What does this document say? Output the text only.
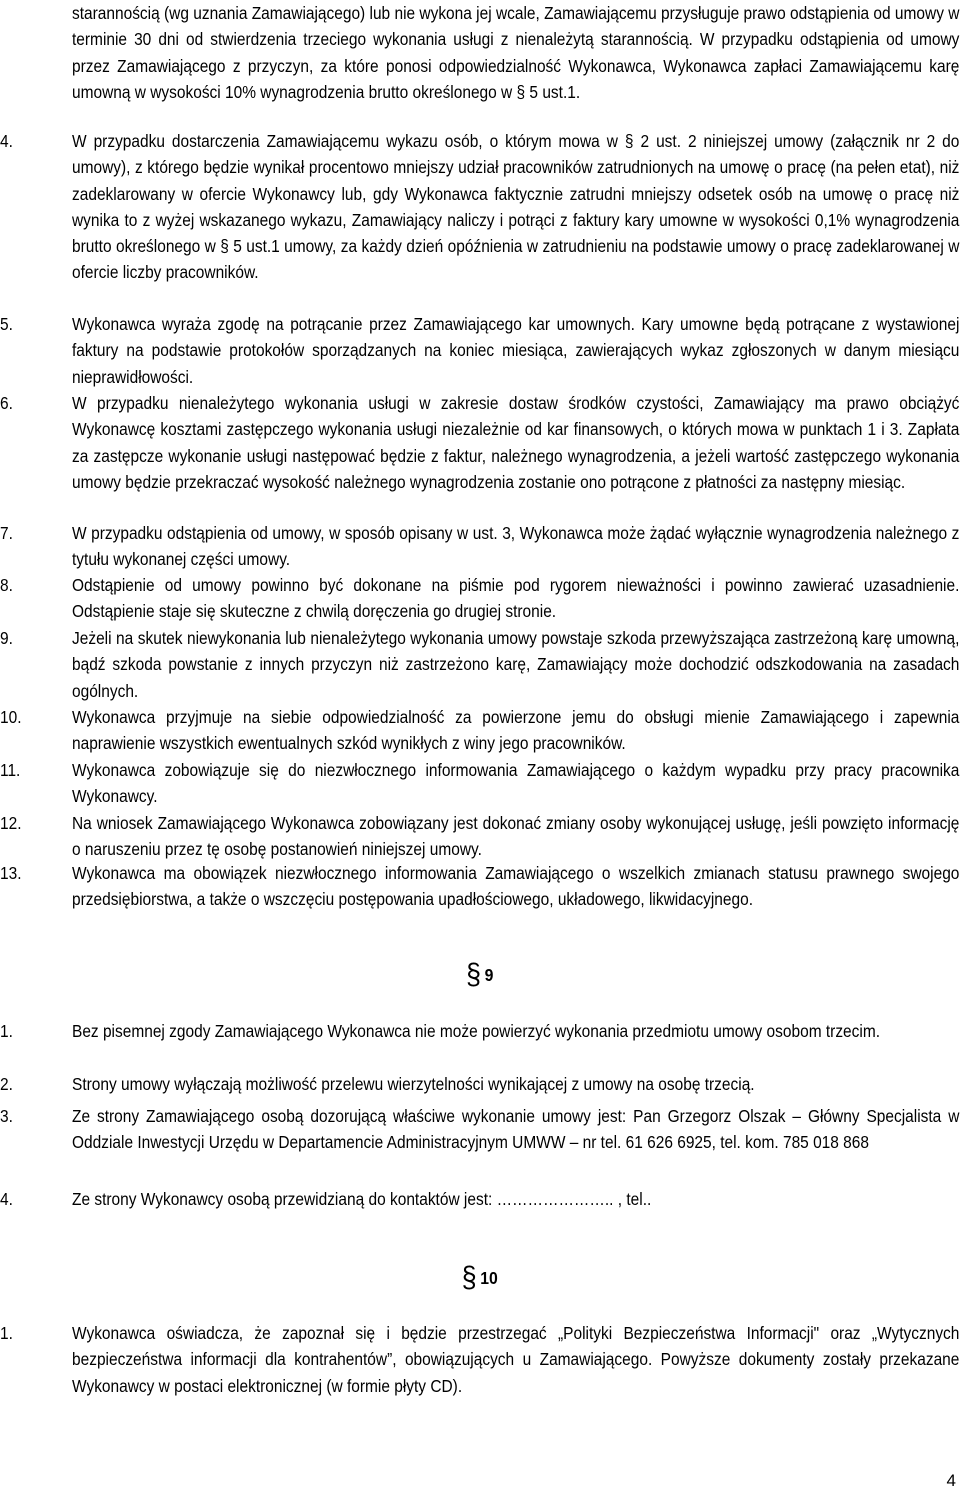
starannością (wg uznania Zamawiającego) lub nie wykona jej wcale, Zamawiającemu przysługuje prawo odstąpienia od umowy w terminie 30 dni od stwierdzenia trzeciego wykonania usługi z nienależytą starannością. W przypadku odstąpienia od umowy przez Zamawiającego z przyczyn, za które ponosi odpowiedzialność Wykonawca, Wykonawca zapłaci Zamawiającemu karę umowną w wysokości 10% wynagrodzenia brutto określonego w § 5 ust.1.
4.	W przypadku dostarczenia Zamawiającemu wykazu osób, o którym mowa w § 2 ust. 2 niniejszej umowy (załącznik nr 2 do umowy), z którego będzie wynikał procentowo mniejszy udział pracowników zatrudnionych na umowę o pracę (na pełen etat), niż zadeklarowany w ofercie Wykonawcy lub, gdy Wykonawca faktycznie zatrudni mniejszy odsetek osób na umowę o pracę niż wynika to z wyżej wskazanego wykazu, Zamawiający naliczy i potrąci z faktury kary umowne w wysokości 0,1% wynagrodzenia brutto określonego w § 5 ust.1 umowy, za każdy dzień opóźnienia w zatrudnieniu na podstawie umowy o pracę zadeklarowanej w ofercie liczby pracowników.
5.	Wykonawca wyraża zgodę na potrącanie przez Zamawiającego kar umownych. Kary umowne będą potrącane z wystawionej faktury na podstawie protokołów sporządzanych na koniec miesiąca, zawierających wykaz zgłoszonych w danym miesiącu nieprawidłowości.
6.	W przypadku nienależytego wykonania usługi w zakresie dostaw środków czystości, Zamawiający ma prawo obciążyć Wykonawcę kosztami zastępczego wykonania usługi niezależnie od kar finansowych, o których mowa w punktach 1 i 3. Zapłata za zastępcze wykonanie usługi następować będzie z faktur, należnego wynagrodzenia, a jeżeli wartość zastępczego wykonania umowy będzie przekraczać wysokość należnego wynagrodzenia zostanie ono potrącone z płatności za następny miesiąc.
7.	W przypadku odstąpienia od umowy, w sposób opisany w ust. 3, Wykonawca może żądać wyłącznie wynagrodzenia należnego z tytułu wykonanej części umowy.
8.	Odstąpienie od umowy powinno być dokonane na piśmie pod rygorem nieważności i powinno zawierać uzasadnienie. Odstąpienie staje się skuteczne z chwilą doręczenia go drugiej stronie.
9.	Jeżeli na skutek niewykonania lub nienależytego wykonania umowy powstaje szkoda przewyższająca zastrzeżoną karę umowną, bądź szkoda powstanie z innych przyczyn niż zastrzeżono karę, Zamawiający może dochodzić odszkodowania na zasadach ogólnych.
10.	Wykonawca przyjmuje na siebie odpowiedzialność za powierzone jemu do obsługi mienie Zamawiającego i zapewnia naprawienie wszystkich ewentualnych szkód wynikłych z winy jego pracowników.
11.	Wykonawca zobowiązuje się do niezwłocznego informowania Zamawiającego o każdym wypadku przy pracy pracownika Wykonawcy.
12.	Na wniosek Zamawiającego Wykonawca zobowiązany jest dokonać zmiany osoby wykonującej usługę, jeśli powzięto informację o naruszeniu przez tę osobę postanowień niniejszej umowy.
13.	Wykonawca ma obowiązek niezwłocznego informowania Zamawiającego o wszelkich zmianach statusu prawnego swojego przedsiębiorstwa, a także o wszczęciu postępowania upadłościowego, układowego, likwidacyjnego.
§ 9
1.	Bez pisemnej zgody Zamawiającego Wykonawca nie może powierzyć wykonania przedmiotu umowy osobom trzecim.
2.	Strony umowy wyłączają możliwość przelewu wierzytelności wynikającej z umowy na osobę trzecią.
3.	Ze strony Zamawiającego osobą dozorującą właściwe wykonanie umowy jest: Pan Grzegorz Olszak – Główny Specjalista w Oddziale Inwestycji Urzędu w Departamencie Administracyjnym UMWW – nr tel. 61 626 6925, tel. kom. 785 018 868
4.	Ze strony Wykonawcy osobą przewidzianą do kontaktów jest: ………………….. , tel..
§ 10
1.	Wykonawca oświadcza, że zapoznał się i będzie przestrzegać „Polityki Bezpieczeństwa Informacji" oraz „Wytycznych bezpieczeństwa informacji dla kontrahentów”, obowiązujących u Zamawiającego. Powyższe dokumenty zostały przekazane Wykonawcy w postaci elektronicznej (w formie płyty CD).
4
